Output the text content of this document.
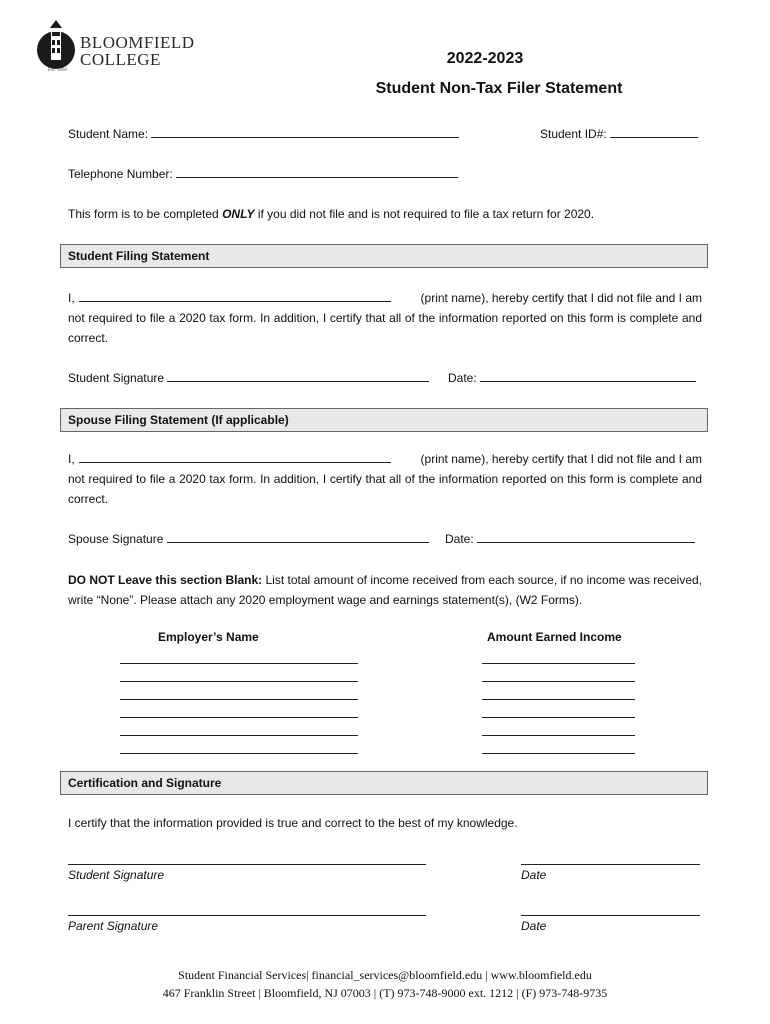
BLOOMFIELD
COLLEGE
Est. 1868
2022-2023
Student Non-Tax Filer Statement
Student Name:	Student ID#:
Telephone Number:
This form is to be completed ONLY if you did not file and is not required to file a tax return for 2020.
Student Filing Statement
I,	(print name), hereby certify that I did not file and I am
not required to file a 2020 tax form. In addition, I certify that all of the information reported on this form is complete and correct.
Student Signature	Date:
Spouse Filing Statement (If applicable)
I,	(print name), hereby certify that I did not file and I am
not required to file a 2020 tax form. In addition, I certify that all of the information reported on this form is complete and correct.
Spouse Signature	Date:
DO NOT Leave this section Blank: List total amount of income received from each source, if no income was received, write “None”. Please attach any 2020 employment wage and earnings statement(s), (W2 Forms).
Employer’s Name	Amount Earned Income
Certification and Signature
I certify that the information provided is true and correct to the best of my knowledge.
Student Signature	Date
Parent Signature	Date
Student Financial Services| financial_services@bloomfield.edu | www.bloomfield.edu
467 Franklin Street | Bloomfield, NJ 07003 | (T) 973-748-9000 ext. 1212 | (F) 973-748-9735
